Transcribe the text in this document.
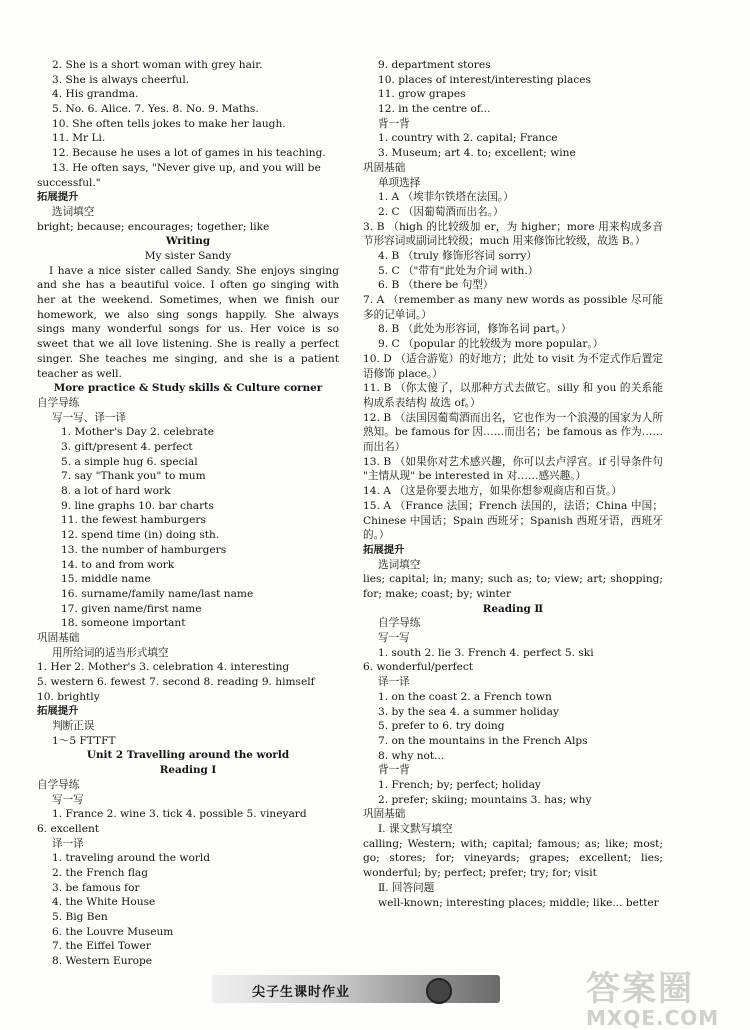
2. She is a short woman with grey hair.
3. She is always cheerful.
4. His grandma.
5. No. 6. Alice. 7. Yes. 8. No. 9. Maths.
10. She often tells jokes to make her laugh.
11. Mr Li.
12. Because he uses a lot of games in his teaching.
13. He often says, "Never give up, and you will be
successful."
拓展提升
选词填空
bright; because; encourages; together; like
Writing
My sister Sandy
I have a nice sister called Sandy. She enjoys singing and she has a beautiful voice. I often go singing with her at the weekend. Sometimes, when we finish our homework, we also sing songs happily. She always sings many wonderful songs for us. Her voice is so sweet that we all love listening. She is really a perfect singer. She teaches me singing, and she is a patient teacher as well.
More practice & Study skills & Culture corner
自学导练
写一写、译一译
1. Mother's Day 2. celebrate
3. gift/present 4. perfect
5. a simple hug 6. special
7. say "Thank you" to mum
8. a lot of hard work
9. line graphs 10. bar charts
11. the fewest hamburgers
12. spend time (in) doing sth.
13. the number of hamburgers
14. to and from work
15. middle name
16. surname/family name/last name
17. given name/first name
18. someone important
巩固基础
用所给词的适当形式填空
1. Her 2. Mother's 3. celebration 4. interesting
5. western 6. fewest 7. second 8. reading 9. himself
10. brightly
拓展提升
判断正误
1～5 FTTFT
Unit 2 Travelling around the world
Reading I
自学导练
写一写
1. France 2. wine 3. tick 4. possible 5. vineyard
6. excellent
译一译
1. traveling around the world
2. the French flag
3. be famous for
4. the White House
5. Big Ben
6. the Louvre Museum
7. the Eiffel Tower
8. Western Europe
9. department stores
10. places of interest/interesting places
11. grow grapes
12. in the centre of...
背一背
1. country with 2. capital; France
3. Museum; art 4. to; excellent; wine
巩固基础
单项选择
1. A （埃菲尔铁塔在法国。）
2. C （因葡萄酒而出名。）
3. B （high 的比较级加 er，为 higher；more 用来构成多音节形容词或副词比较级；much 用来修饰比较级，故选 B。）
4. B （truly 修饰形容词 sorry）
5. C （"带有"此处为介词 with.）
6. B （there be 句型）
7. A （remember as many new words as possible 尽可能多的记单词。）
8. B （此处为形容词，修饰名词 part。）
9. C （popular 的比较级为 more popular。）
10. D （适合游览）的好地方；此处 to visit 为不定式作后置定语修饰 place。）
11. B （你太傻了，以那种方式去做它。silly 和 you 的关系能构成系表结构 故选 of。）
12. B （法国因葡萄酒而出名，它也作为一个浪漫的国家为人所熟知。be famous for 因……而出名；be famous as 作为……而出名）
13. B （如果你对艺术感兴趣，你可以去卢浮宫。if 引导条件句 "主情从现" be interested in 对……感兴趣。）
14. A （这是你要去地方，如果你想参观商店和百货。）
15. A （France 法国；French 法国的，法语；China 中国；Chinese 中国话；Spain 西班牙；Spanish 西班牙语，西班牙的。）
拓展提升
选词填空
lies; capital; in; many; such as; to; view; art; shopping; for; make; coast; by; winter
Reading Ⅱ
自学导练
写一写
1. south 2. lie 3. French 4. perfect 5. ski
6. wonderful/perfect
译一译
1. on the coast 2. a French town
3. by the sea 4. a summer holiday
5. prefer to 6. try doing
7. on the mountains in the French Alps
8. why not...
背一背
1. French; by; perfect; holiday
2. prefer; skiing; mountains 3. has; why
巩固基础
Ⅰ. 课文默写填空
calling; Western; with; capital; famous; as; like; most; go; stores; for; vineyards; grapes; excellent; lies; wonderful; by; perfect; prefer; try; for; visit
Ⅱ. 回答问题
well-known; interesting places; middle; like... better
尖子生课时作业	答案圈
MXQE.COM
